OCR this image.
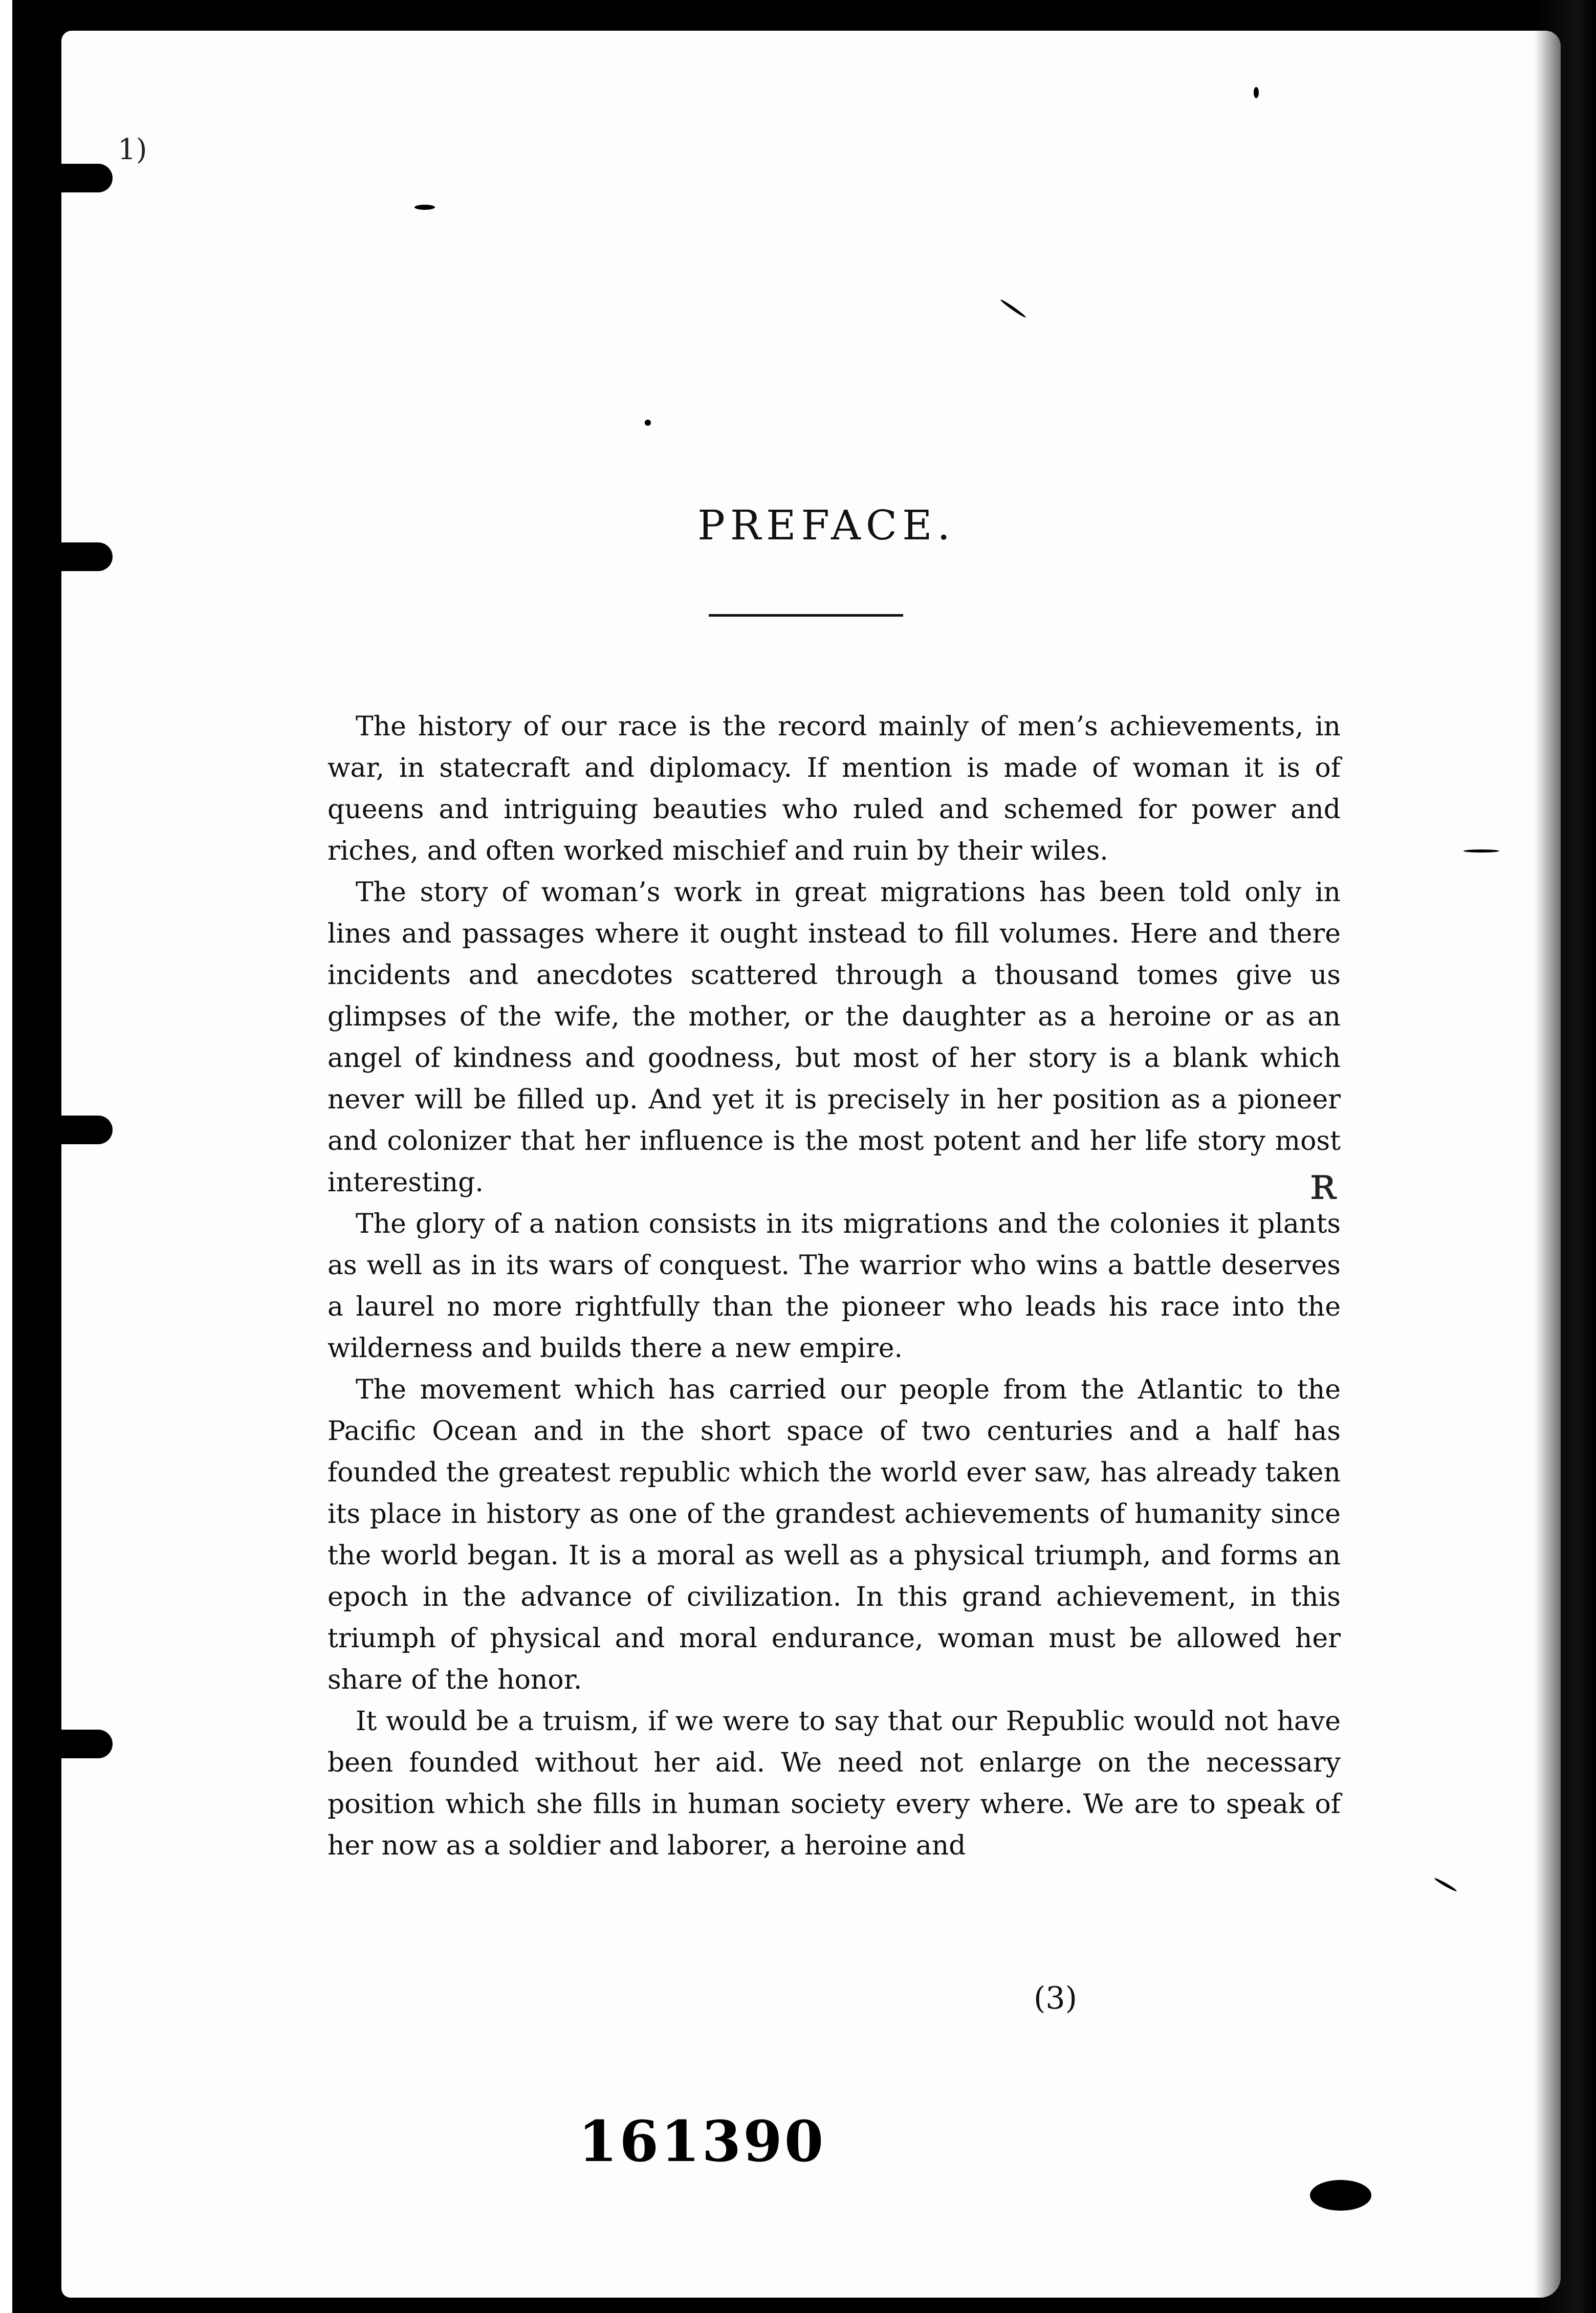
1)
ʀ
PREFACE.

The history of our race is the record mainly of men’s achievements, in war, in statecraft and diplomacy. If mention is made of woman it is of queens and intriguing beauties who ruled and schemed for power and riches, and often worked mischief and ruin by their wiles.

The story of woman’s work in great migrations has been told only in lines and passages where it ought instead to fill volumes. Here and there incidents and anecdotes scattered through a thousand tomes give us glimpses of the wife, the mother, or the daughter as a heroine or as an angel of kindness and goodness, but most of her story is a blank which never will be filled up. And yet it is precisely in her position as a pioneer and colonizer that her influence is the most potent and her life story most interesting.

The glory of a nation consists in its migrations and the colonies it plants as well as in its wars of conquest. The warrior who wins a battle deserves a laurel no more rightfully than the pioneer who leads his race into the wilderness and builds there a new empire.

The movement which has carried our people from the Atlantic to the Pacific Ocean and in the short space of two centuries and a half has founded the greatest republic which the world ever saw, has already taken its place in history as one of the grandest achievements of humanity since the world began. It is a moral as well as a physical triumph, and forms an epoch in the advance of civilization. In this grand achievement, in this triumph of physical and moral endurance, woman must be allowed her share of the honor.

It would be a truism, if we were to say that our Republic would not have been founded without her aid. We need not enlarge on the necessary position which she fills in human society every where. We are to speak of her now as a soldier and laborer, a heroine and

(3)
161390
